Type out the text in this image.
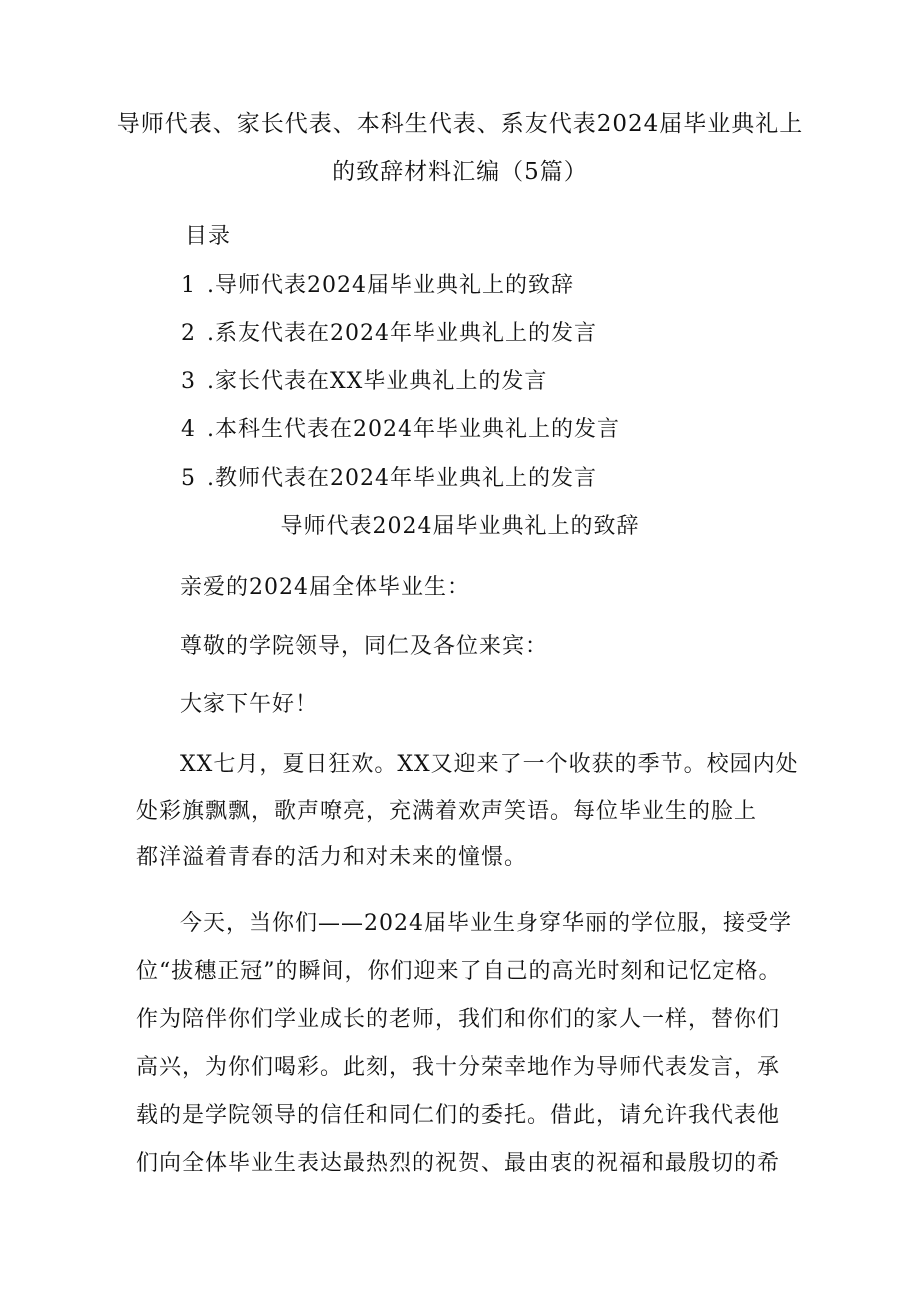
导师代表、家长代表、本科生代表、系友代表2024届毕业典礼上
的致辞材料汇编（5篇）
目录
1 .导师代表2024届毕业典礼上的致辞
2 .系友代表在2024年毕业典礼上的发言
3 .家长代表在XX毕业典礼上的发言
4 .本科生代表在2024年毕业典礼上的发言
5 .教师代表在2024年毕业典礼上的发言
导师代表2024届毕业典礼上的致辞
亲爱的2024届全体毕业生：
尊敬的学院领导，同仁及各位来宾：
大家下午好！
XX七月，夏日狂欢。XX又迎来了一个收获的季节。校园内处
处彩旗飘飘，歌声嘹亮，充满着欢声笑语。每位毕业生的脸上
都洋溢着青春的活力和对未来的憧憬。
今天，当你们——2024届毕业生身穿华丽的学位服，接受学
位“拔穗正冠”的瞬间，你们迎来了自己的高光时刻和记忆定格。
作为陪伴你们学业成长的老师，我们和你们的家人一样，替你们
高兴，为你们喝彩。此刻，我十分荣幸地作为导师代表发言，承
载的是学院领导的信任和同仁们的委托。借此，请允许我代表他
们向全体毕业生表达最热烈的祝贺、最由衷的祝福和最殷切的希
